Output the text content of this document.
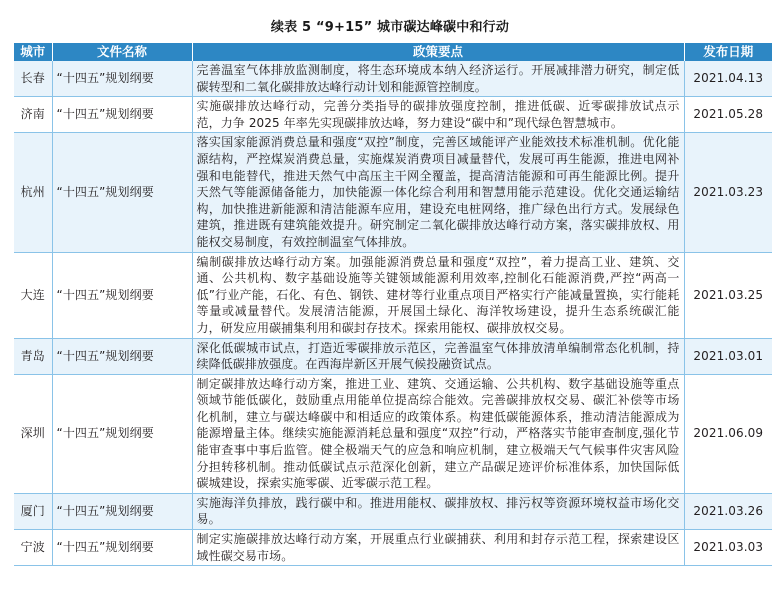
续表 5 “9+15” 城市碳达峰碳中和行动
城市	文件名称	政策要点	发布日期
长春	“十四五”规划纲要	完善温室气体排放监测制度，将生态环境成本纳入经济运行。开展减排潜力研究，制定低碳转型和二氧化碳排放达峰行动计划和能源管控制度。	2021.04.13
济南	“十四五”规划纲要	实施碳排放达峰行动，完善分类指导的碳排放强度控制，推进低碳、近零碳排放试点示范，力争 2025 年率先实现碳排放达峰，努力建设“碳中和”现代绿色智慧城市。	2021.05.28
杭州	“十四五”规划纲要	落实国家能源消费总量和强度“双控”制度，完善区域能评产业能效技术标准机制。优化能源结构，严控煤炭消费总量，实施煤炭消费项目减量替代，发展可再生能源，推进电网补强和电能替代，推进天然气中高压主干网全覆盖，提高清洁能源和可再生能源比例。提升天然气等能源储备能力，加快能源一体化综合利用和智慧用能示范建设。优化交通运输结构，加快推进新能源和清洁能源车应用，建设充电桩网络，推广绿色出行方式。发展绿色建筑，推进既有建筑能效提升。研究制定二氧化碳排放达峰行动方案，落实碳排放权、用能权交易制度，有效控制温室气体排放。	2021.03.23
大连	“十四五”规划纲要	编制碳排放达峰行动方案。加强能源消费总量和强度“双控”，着力提高工业、建筑、交通、公共机构、数字基础设施等关键领域能源利用效率,控制化石能源消费,严控“两高一低”行业产能，石化、有色、钢铁、建材等行业重点项目严格实行产能减量置换，实行能耗等量或减量替代。发展清洁能源，开展国土绿化、海洋牧场建设，提升生态系统碳汇能力，研发应用碳捕集利用和碳封存技术。探索用能权、碳排放权交易。	2021.03.25
青岛	“十四五”规划纲要	深化低碳城市试点，打造近零碳排放示范区，完善温室气体排放清单编制常态化机制，持续降低碳排放强度。在西海岸新区开展气候投融资试点。	2021.03.01
深圳	“十四五”规划纲要	制定碳排放达峰行动方案，推进工业、建筑、交通运输、公共机构、数字基础设施等重点领域节能低碳化，鼓励重点用能单位提高综合能效。完善碳排放权交易、碳汇补偿等市场化机制，建立与碳达峰碳中和相适应的政策体系。构建低碳能源体系，推动清洁能源成为能源增量主体。继续实施能源消耗总量和强度“双控”行动，严格落实节能审查制度,强化节能审查事中事后监管。健全极端天气的应急和响应机制，建立极端天气气候事件灾害风险分担转移机制。推动低碳试点示范深化创新，建立产品碳足迹评价标准体系，加快国际低碳城建设，探索实施零碳、近零碳示范工程。	2021.06.09
厦门	“十四五”规划纲要	实施海洋负排放，践行碳中和。推进用能权、碳排放权、排污权等资源环境权益市场化交易。	2021.03.26
宁波	“十四五”规划纲要	制定实施碳排放达峰行动方案，开展重点行业碳捕获、利用和封存示范工程，探索建设区域性碳交易市场。	2021.03.03
